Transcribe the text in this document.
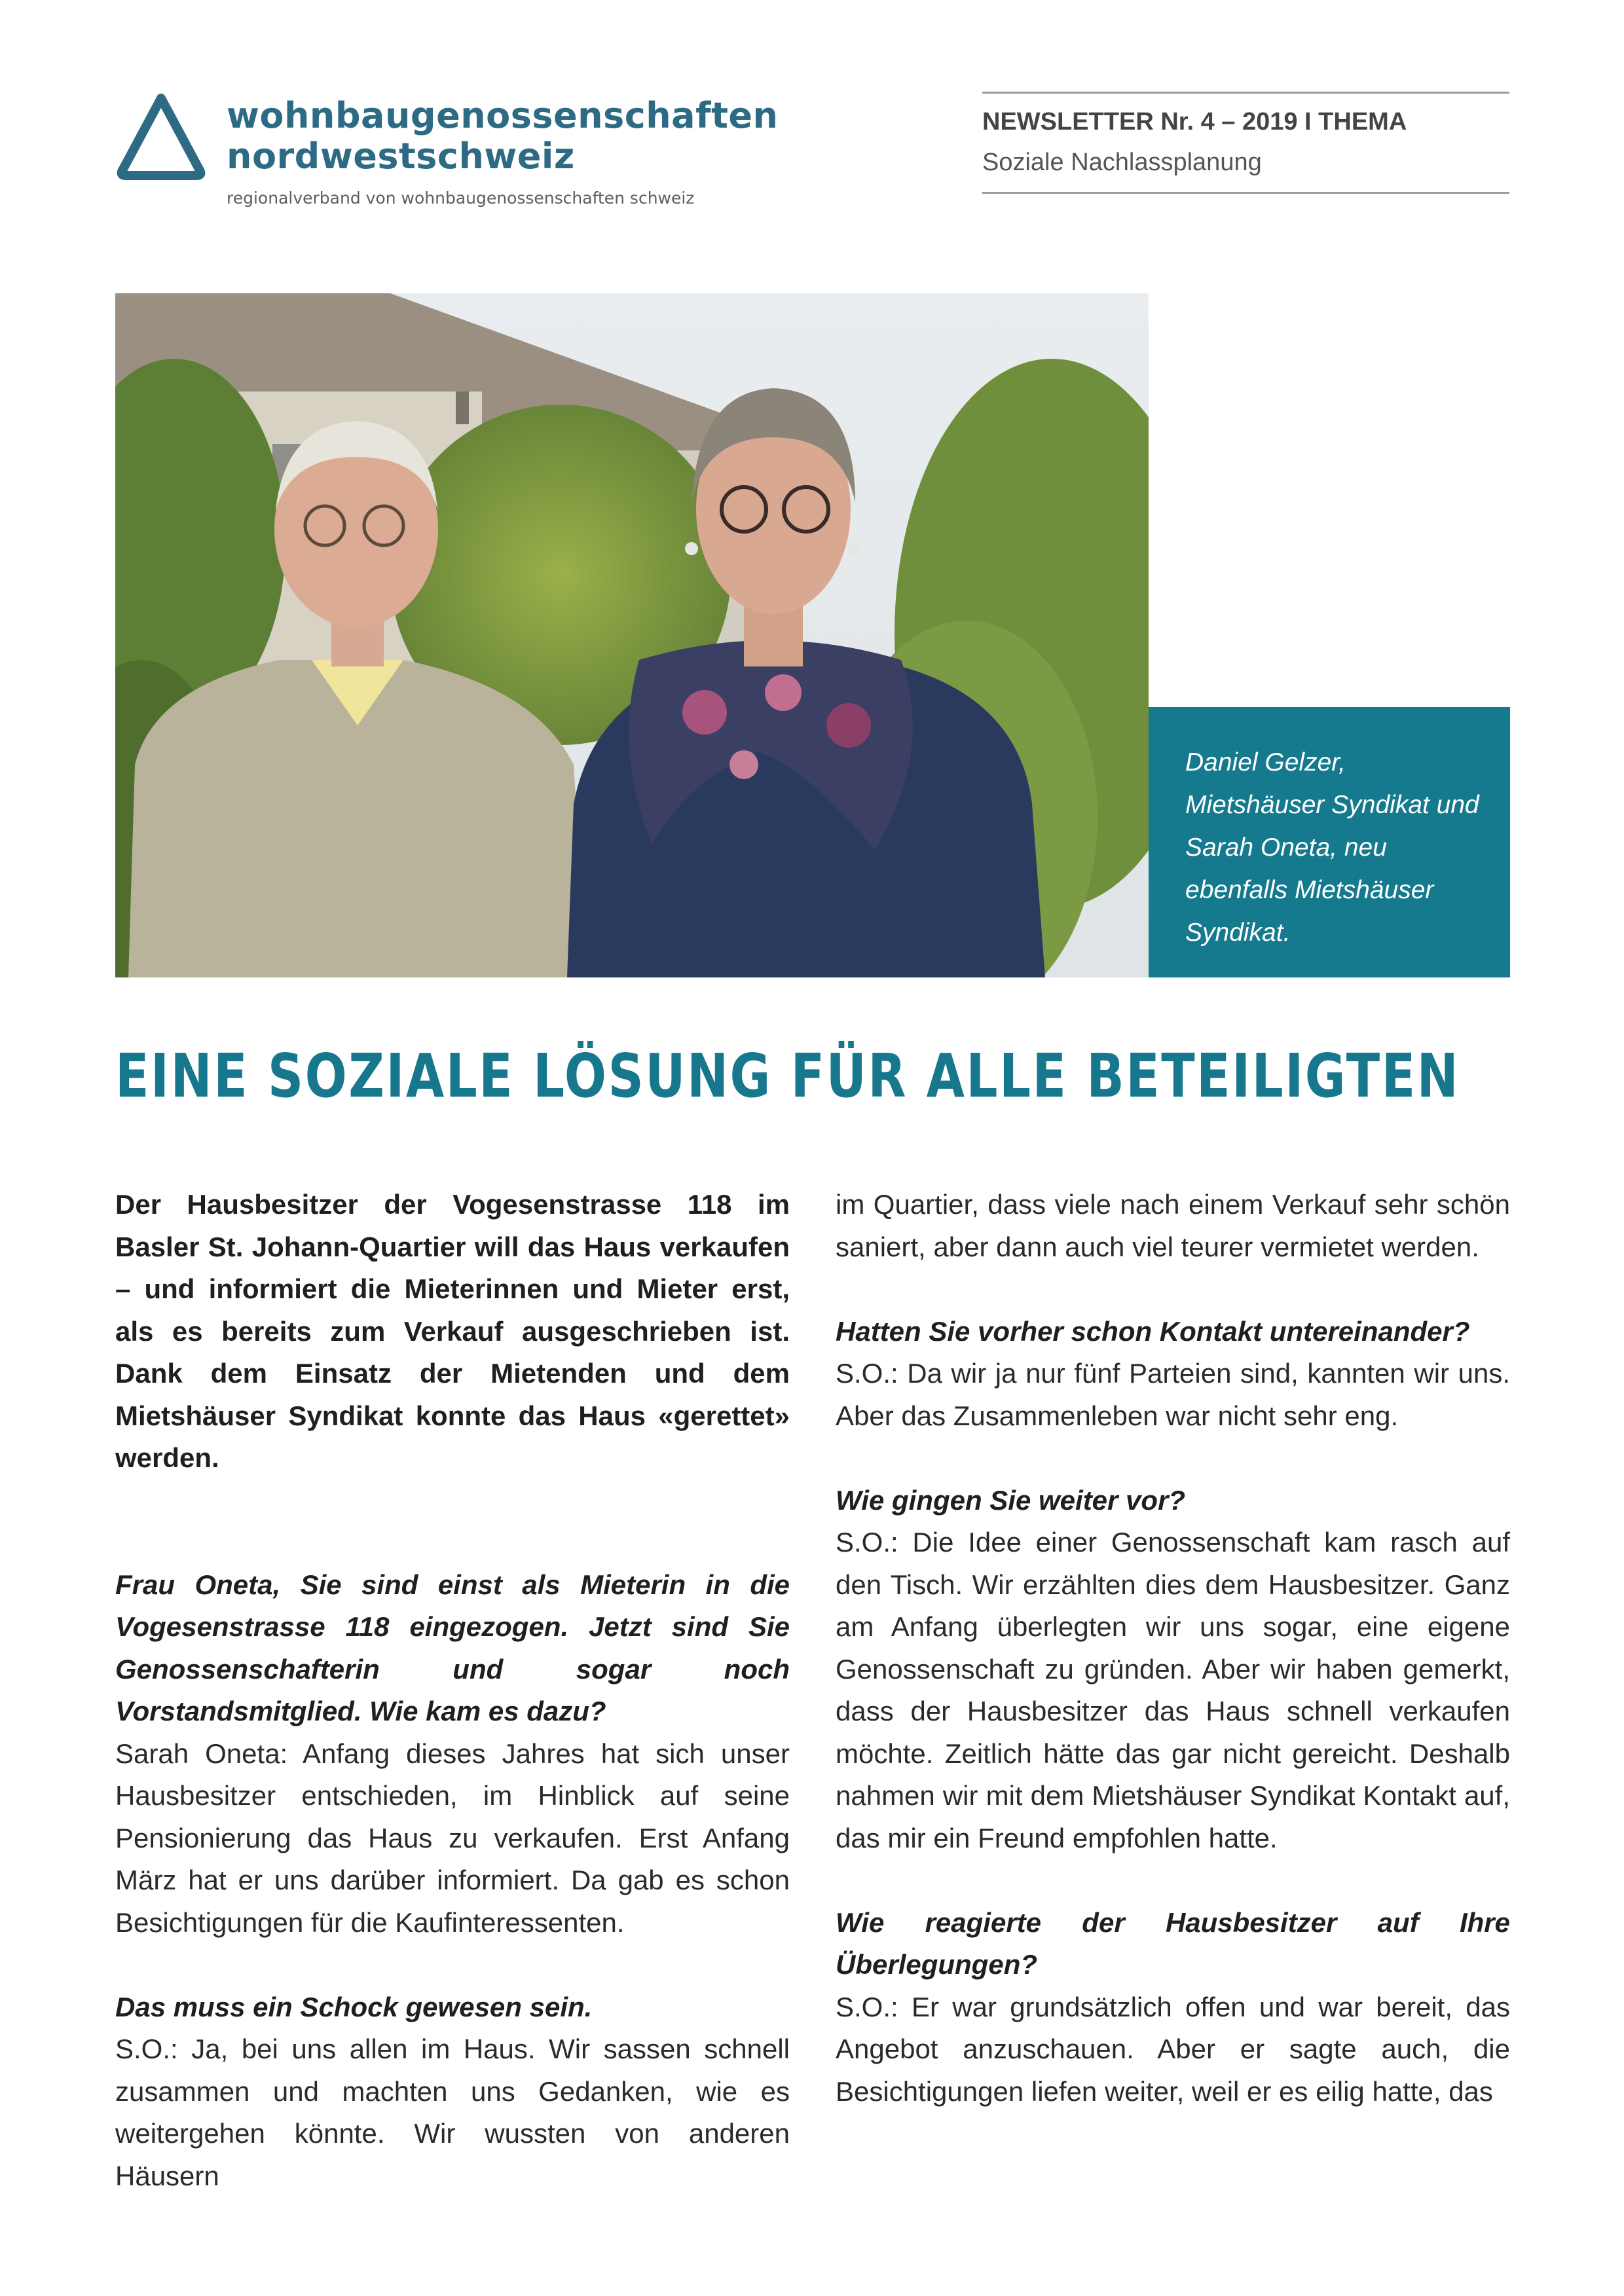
wohnbaugenossenschaften
nordwestschweiz
regionalverband von wohnbaugenossenschaften schweiz
NEWSLETTER Nr. 4 – 2019 I THEMA
Soziale Nachlassplanung
Daniel Gelzer, Mietshäuser Syndikat und Sarah Oneta, neu ebenfalls Mietshäuser Syndikat.
EINE SOZIALE LÖSUNG FÜR ALLE BETEILIGTEN

Der Hausbesitzer der Vogesenstrasse 118 im Basler St. Johann-Quartier will das Haus verkaufen – und informiert die Mieterinnen und Mieter erst, als es bereits zum Verkauf ausgeschrieben ist. Dank dem Einsatz der Mietenden und dem Mietshäuser Syndikat konnte das Haus «gerettet» werden.

Frau Oneta, Sie sind einst als Mieterin in die Vogesenstrasse 118 eingezogen. Jetzt sind Sie Genossenschafterin und sogar noch Vorstandsmitglied. Wie kam es dazu?

Sarah Oneta: Anfang dieses Jahres hat sich unser Hausbesitzer entschieden, im Hinblick auf seine Pensionierung das Haus zu verkaufen. Erst Anfang März hat er uns darüber informiert. Da gab es schon Besichtigungen für die Kaufinteressenten.

Das muss ein Schock gewesen sein.

S.O.: Ja, bei uns allen im Haus. Wir sassen schnell zusammen und machten uns Gedanken, wie es weitergehen könnte. Wir wussten von anderen Häusern

im Quartier, dass viele nach einem Verkauf sehr schön saniert, aber dann auch viel teurer vermietet werden.

Hatten Sie vorher schon Kontakt untereinander?

S.O.: Da wir ja nur fünf Parteien sind, kannten wir uns. Aber das Zusammenleben war nicht sehr eng.

Wie gingen Sie weiter vor?

S.O.: Die Idee einer Genossenschaft kam rasch auf den Tisch. Wir erzählten dies dem Hausbesitzer. Ganz am Anfang überlegten wir uns sogar, eine eigene Genossenschaft zu gründen. Aber wir haben gemerkt, dass der Hausbesitzer das Haus schnell verkaufen möchte. Zeitlich hätte das gar nicht gereicht. Deshalb nahmen wir mit dem Mietshäuser Syndikat Kontakt auf, das mir ein Freund empfohlen hatte.

Wie reagierte der Hausbesitzer auf Ihre Überlegungen?

S.O.: Er war grundsätzlich offen und war bereit, das Angebot anzuschauen. Aber er sagte auch, die Besichtigungen liefen weiter, weil er es eilig hatte, das
